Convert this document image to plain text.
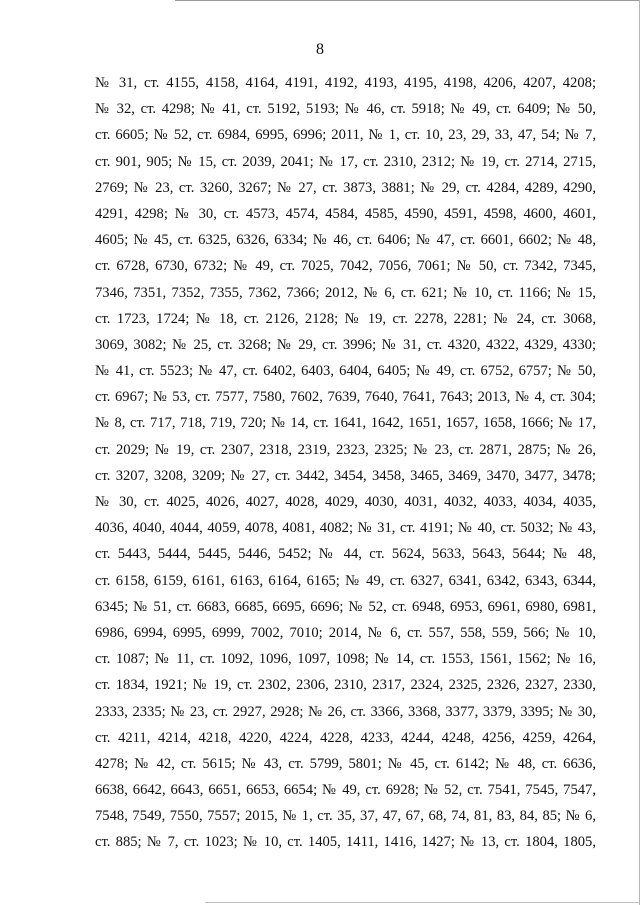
8
№ 31, ст. 4155, 4158, 4164, 4191, 4192, 4193, 4195, 4198, 4206, 4207, 4208;
№ 32, ст. 4298; № 41, ст. 5192, 5193; № 46, ст. 5918; № 49, ст. 6409; № 50,
ст. 6605; № 52, ст. 6984, 6995, 6996; 2011, № 1, ст. 10, 23, 29, 33, 47, 54; № 7,
ст. 901, 905; № 15, ст. 2039, 2041; № 17, ст. 2310, 2312; № 19, ст. 2714, 2715,
2769; № 23, ст. 3260, 3267; № 27, ст. 3873, 3881; № 29, ст. 4284, 4289, 4290,
4291, 4298; № 30, ст. 4573, 4574, 4584, 4585, 4590, 4591, 4598, 4600, 4601,
4605; № 45, ст. 6325, 6326, 6334; № 46, ст. 6406; № 47, ст. 6601, 6602; № 48,
ст. 6728, 6730, 6732; № 49, ст. 7025, 7042, 7056, 7061; № 50, ст. 7342, 7345,
7346, 7351, 7352, 7355, 7362, 7366; 2012, № 6, ст. 621; № 10, ст. 1166; № 15,
ст. 1723, 1724; № 18, ст. 2126, 2128; № 19, ст. 2278, 2281; № 24, ст. 3068,
3069, 3082; № 25, ст. 3268; № 29, ст. 3996; № 31, ст. 4320, 4322, 4329, 4330;
№ 41, ст. 5523; № 47, ст. 6402, 6403, 6404, 6405; № 49, ст. 6752, 6757; № 50,
ст. 6967; № 53, ст. 7577, 7580, 7602, 7639, 7640, 7641, 7643; 2013, № 4, ст. 304;
№ 8, ст. 717, 718, 719, 720; № 14, ст. 1641, 1642, 1651, 1657, 1658, 1666; № 17,
ст. 2029; № 19, ст. 2307, 2318, 2319, 2323, 2325; № 23, ст. 2871, 2875; № 26,
ст. 3207, 3208, 3209; № 27, ст. 3442, 3454, 3458, 3465, 3469, 3470, 3477, 3478;
№ 30, ст. 4025, 4026, 4027, 4028, 4029, 4030, 4031, 4032, 4033, 4034, 4035,
4036, 4040, 4044, 4059, 4078, 4081, 4082; № 31, ст. 4191; № 40, ст. 5032; № 43,
ст. 5443, 5444, 5445, 5446, 5452; № 44, ст. 5624, 5633, 5643, 5644; № 48,
ст. 6158, 6159, 6161, 6163, 6164, 6165; № 49, ст. 6327, 6341, 6342, 6343, 6344,
6345; № 51, ст. 6683, 6685, 6695, 6696; № 52, ст. 6948, 6953, 6961, 6980, 6981,
6986, 6994, 6995, 6999, 7002, 7010; 2014, № 6, ст. 557, 558, 559, 566; № 10,
ст. 1087; № 11, ст. 1092, 1096, 1097, 1098; № 14, ст. 1553, 1561, 1562; № 16,
ст. 1834, 1921; № 19, ст. 2302, 2306, 2310, 2317, 2324, 2325, 2326, 2327, 2330,
2333, 2335; № 23, ст. 2927, 2928; № 26, ст. 3366, 3368, 3377, 3379, 3395; № 30,
ст. 4211, 4214, 4218, 4220, 4224, 4228, 4233, 4244, 4248, 4256, 4259, 4264,
4278; № 42, ст. 5615; № 43, ст. 5799, 5801; № 45, ст. 6142; № 48, ст. 6636,
6638, 6642, 6643, 6651, 6653, 6654; № 49, ст. 6928; № 52, ст. 7541, 7545, 7547,
7548, 7549, 7550, 7557; 2015, № 1, ст. 35, 37, 47, 67, 68, 74, 81, 83, 84, 85; № 6,
ст. 885; № 7, ст. 1023; № 10, ст. 1405, 1411, 1416, 1427; № 13, ст. 1804, 1805,
